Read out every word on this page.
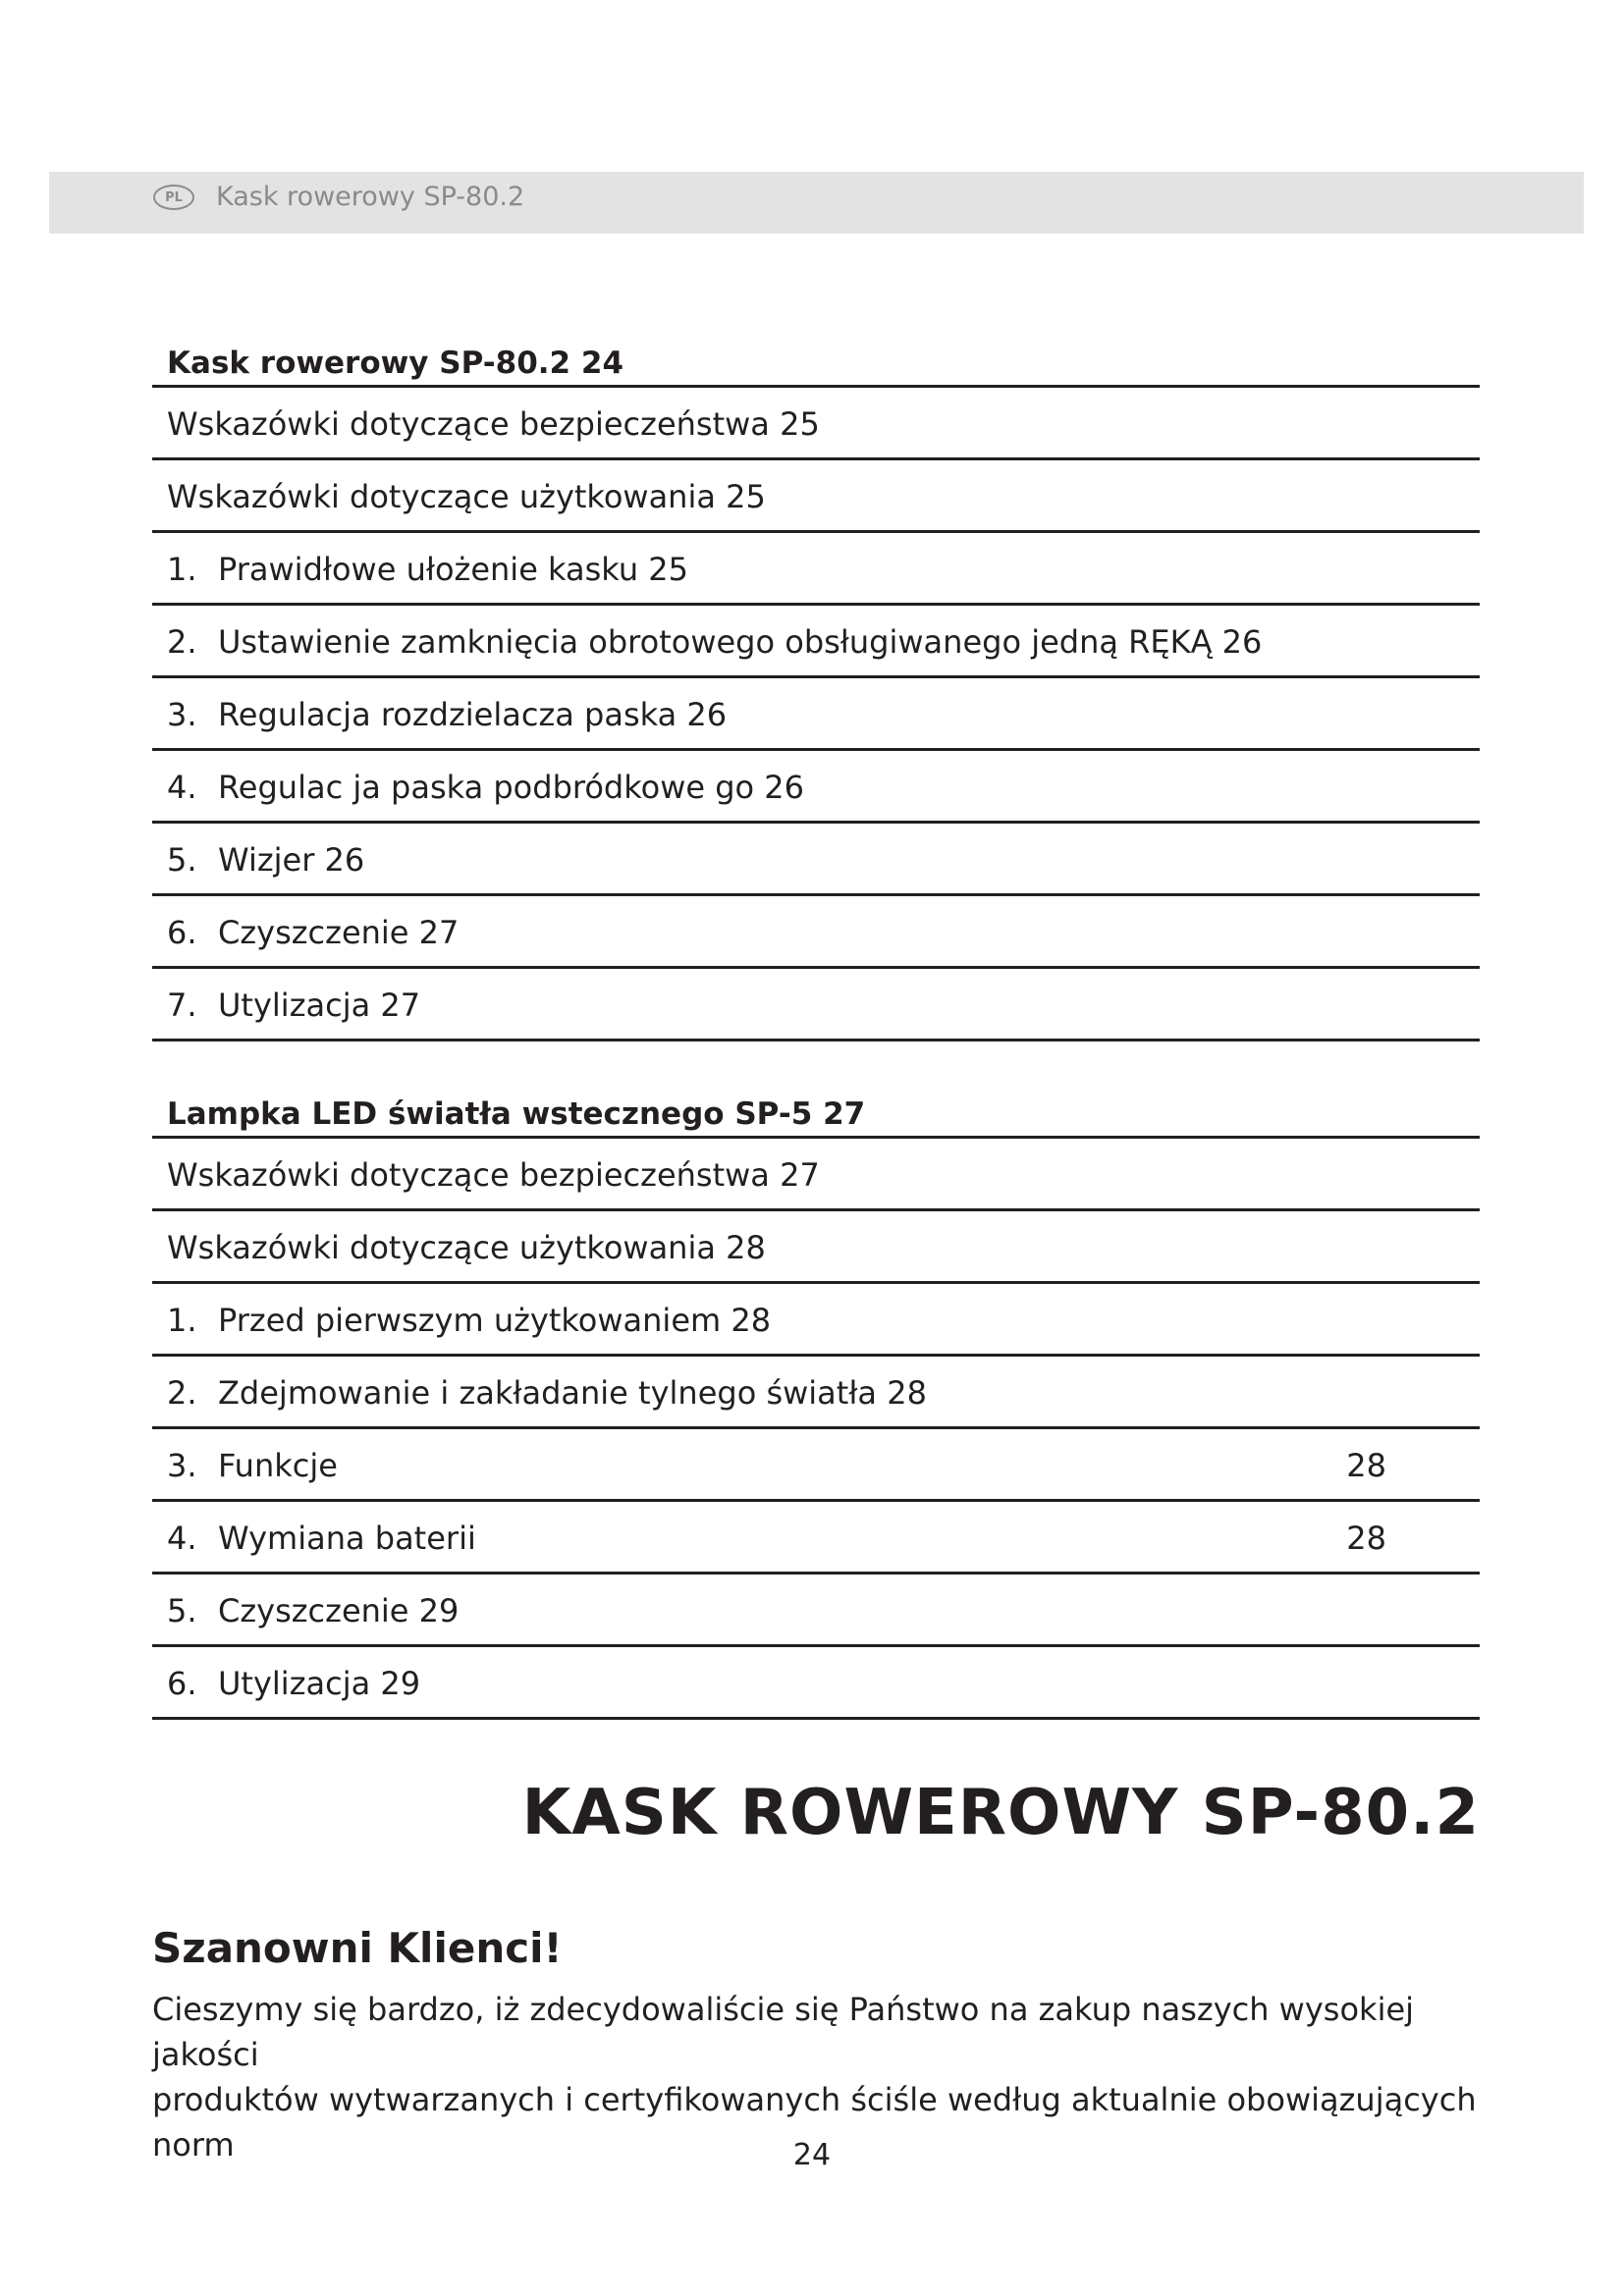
PL	Kask rowerowy SP-80.2
Kask rowerowy SP-80.2 24
Wskazówki dotyczące bezpieczeństwa 25
Wskazówki dotyczące użytkowania 25
1. Prawidłowe ułożenie kasku 25
2. Ustawienie zamknięcia obrotowego obsługiwanego jedną RĘKĄ 26
3. Regulacja rozdzielacza paska 26
4. Regulac ja paska podbródkowe go 26
5. Wizjer 26
6. Czyszczenie 27
7. Utylizacja 27
Lampka LED światła wstecznego SP-5 27
Wskazówki dotyczące bezpieczeństwa 27
Wskazówki dotyczące użytkowania 28
1. Przed pierwszym użytkowaniem 28
2. Zdejmowanie i zakładanie tylnego światła 28
3. Funkcje	28
4. Wymiana baterii	28
5. Czyszczenie 29
6. Utylizacja 29
KASK ROWEROWY SP-80.2
Szanowni Klienci!
Cieszymy się bardzo, iż zdecydowaliście się Państwo na zakup naszych wysokiej jakości
produktów wytwarzanych i certyfikowanych ściśle według aktualnie obowiązujących norm	24
